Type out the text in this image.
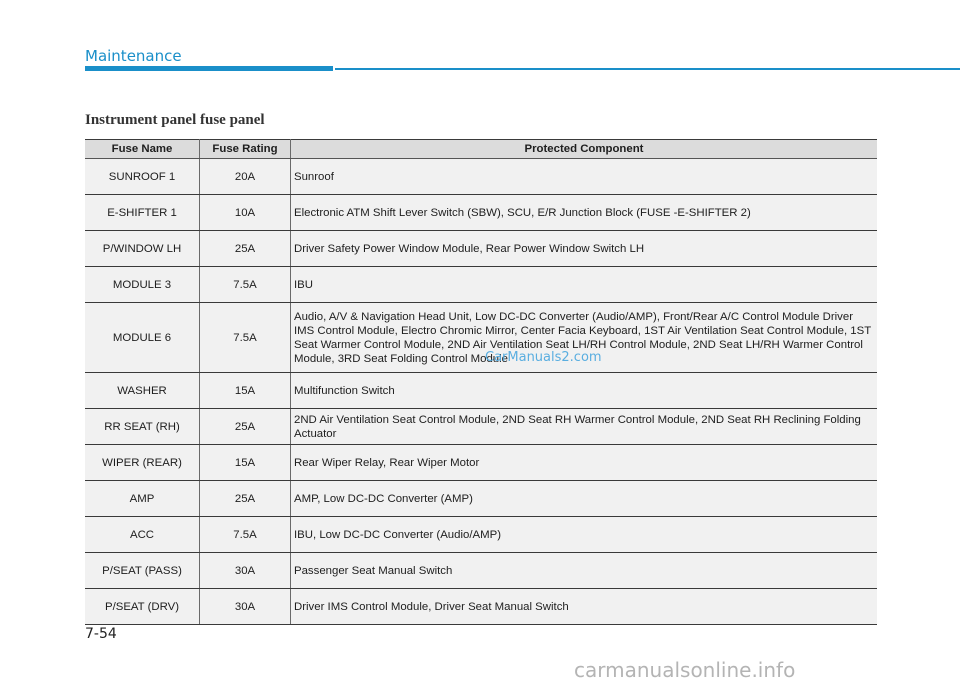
Maintenance
Instrument panel fuse panel
Fuse Name	Fuse Rating	Protected Component
SUNROOF 1	20A	Sunroof
E-SHIFTER 1	10A	Electronic ATM Shift Lever Switch (SBW), SCU, E/R Junction Block (FUSE -E-SHIFTER 2)
P/WINDOW LH	25A	Driver Safety Power Window Module, Rear Power Window Switch LH
MODULE 3	7.5A	IBU
MODULE 6	7.5A	Audio, A/V & Navigation Head Unit, Low DC-DC Converter (Audio/AMP), Front/Rear A/C Control Module Driver IMS Control Module, Electro Chromic Mirror, Center Facia Keyboard, 1ST Air Ventilation Seat Control Module, 1ST Seat Warmer Control Module, 2ND Air Ventilation Seat LH/RH Control Module, 2ND Seat LH/RH Warmer Control Module, 3RD Seat Folding Control Module
WASHER	15A	Multifunction Switch
RR SEAT (RH)	25A	2ND Air Ventilation Seat Control Module, 2ND Seat RH Warmer Control Module, 2ND Seat RH Reclining Folding Actuator
WIPER (REAR)	15A	Rear Wiper Relay, Rear Wiper Motor
AMP	25A	AMP, Low DC-DC Converter (AMP)
ACC	7.5A	IBU, Low DC-DC Converter (Audio/AMP)
P/SEAT (PASS)	30A	Passenger Seat Manual Switch
P/SEAT (DRV)	30A	Driver IMS Control Module, Driver Seat Manual Switch
CarManuals2.com
7-54
carmanualsonline.info
